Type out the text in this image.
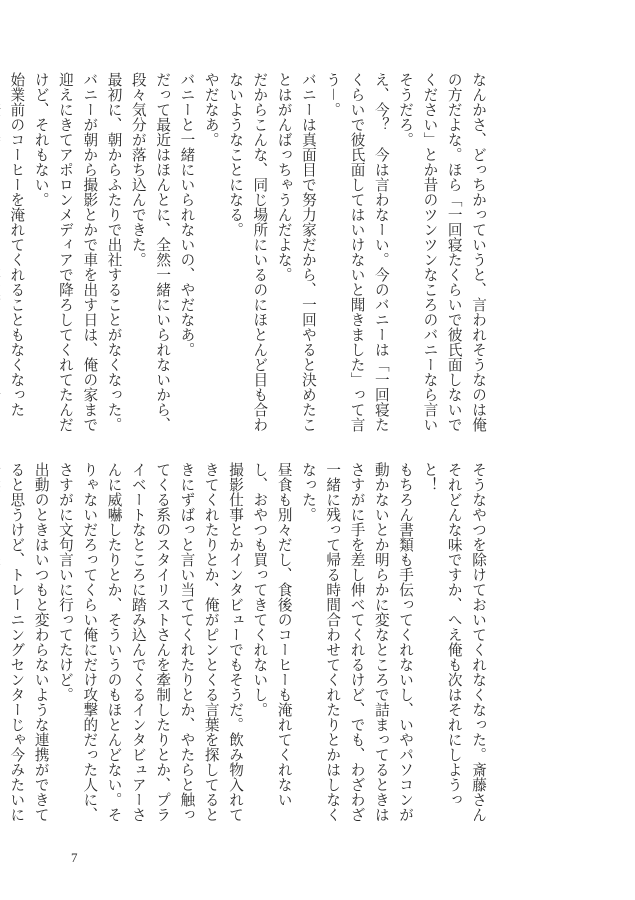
なんかさ、どっちかっていうと、言われそうなのは俺の方だよな。ほら「一回寝たくらいで彼氏面しないでください」とか昔のツンツンなころのバニーなら言いそうだろ。

え、今？　今は言わなーい。今のバニーは「一回寝たくらいで彼氏面してはいけないと聞きました」って言う－。

バニーは真面目で努力家だから、一回やると決めたことはがんばっちゃうんだよな。

だからこんな、同じ場所にいるのにほとんど目も合わないようなことになる。

やだなあ。

バニーと一緒にいられないの、やだなあ。

だって最近はほんとに、全然一緒にいられないから、段々気分が落ち込んできた。

最初に、朝からふたりで出社することがなくなった。バニーが朝から撮影とかで車を出す日は、俺の家まで迎えにきてアポロンメディアで降ろしてくれてたんだけど、それもない。

始業前のコーヒーを淹れてくれることもなくなった

そうなやつを除けておいてくれなくなった。斎藤さんそれどんな味ですか、へえ俺も次はそれにしようっと！

もちろん書類も手伝ってくれないし、いやパソコンが動かないとか明らかに変なところで詰まってるときはさすがに手を差し伸べてくれるけど、でも、わざわざ一緒に残って帰る時間合わせてくれたりとかはしなくなった。

昼食も別々だし、食後のコーヒーも淹れてくれないし、おやつも買ってきてくれないし。

撮影仕事とかインタビューでもそうだ。飲み物入れてきてくれたりとか、俺がピンとくる言葉を探してるときにずばっと言い当ててくれたりとか、やたらと触ってくる系のスタイリストさんを牽制したりとか、プライベートなところに踏み込んでくるインタビュアーさんに威嚇したりとか、そういうのもほとんどない。そりゃないだろってくらい俺にだけ攻撃的だった人に、さすがに文句言いに行ってたけど。

出動のときはいつもと変わらないような連携ができてると思うけど、トレーニングセンターじゃ今みたいに

7
